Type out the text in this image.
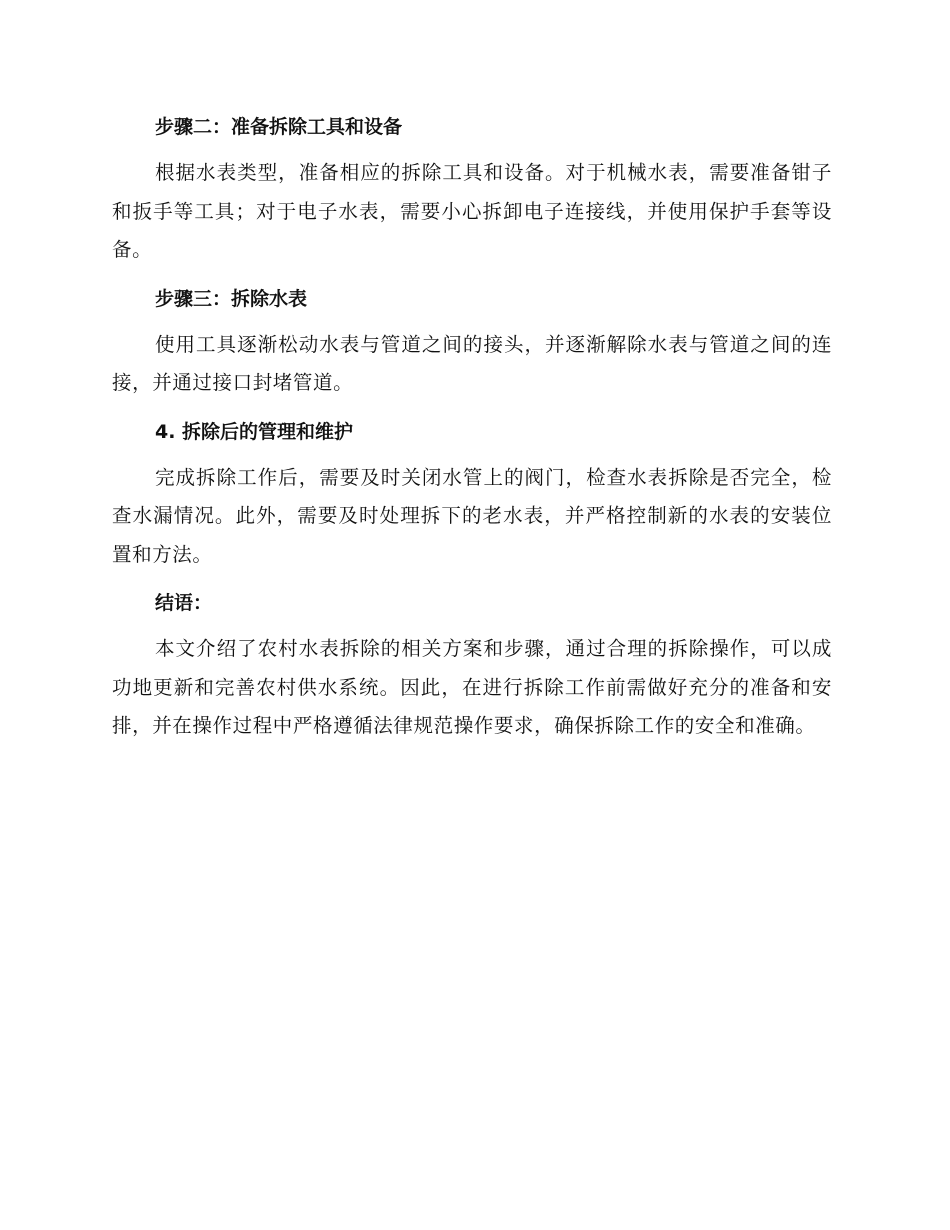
步骤二：准备拆除工具和设备

根据水表类型，准备相应的拆除工具和设备。对于机械水表，需要准备钳子和扳手等工具；对于电子水表，需要小心拆卸电子连接线，并使用保护手套等设备。

步骤三：拆除水表

使用工具逐渐松动水表与管道之间的接头，并逐渐解除水表与管道之间的连接，并通过接口封堵管道。

4. 拆除后的管理和维护

完成拆除工作后，需要及时关闭水管上的阀门，检查水表拆除是否完全，检查水漏情况。此外，需要及时处理拆下的老水表，并严格控制新的水表的安装位置和方法。

结语：

本文介绍了农村水表拆除的相关方案和步骤，通过合理的拆除操作，可以成功地更新和完善农村供水系统。因此，在进行拆除工作前需做好充分的准备和安排，并在操作过程中严格遵循法律规范操作要求，确保拆除工作的安全和准确。
